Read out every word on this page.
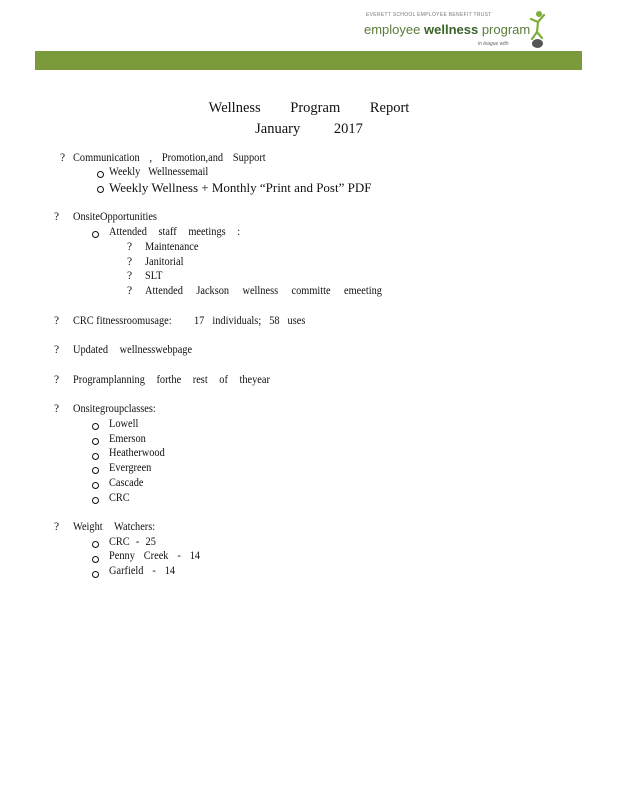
EVERETT SCHOOL EMPLOYEE BENEFIT TRUST
employee wellness program
in league with
Wellness Program Report
January 2017
? Communication , Promotion,and Support
Weekly Wellnessemail
Weekly Wellness + Monthly “Print and Post” PDF
? OnsiteOpportunities
Attended staff meetings :
? Maintenance
? Janitorial
? SLT
? Attended Jackson wellness committe emeeting
? CRC fitnessroomusage: 17 individuals; 58 uses
? Updated wellnesswebpage
? Programplanning forthe rest of theyear
? Onsitegroupclasses:
Lowell
Emerson
Heatherwood
Evergreen
Cascade
CRC
? Weight Watchers:
CRC - 25
Penny Creek - 14
Garfield - 14
